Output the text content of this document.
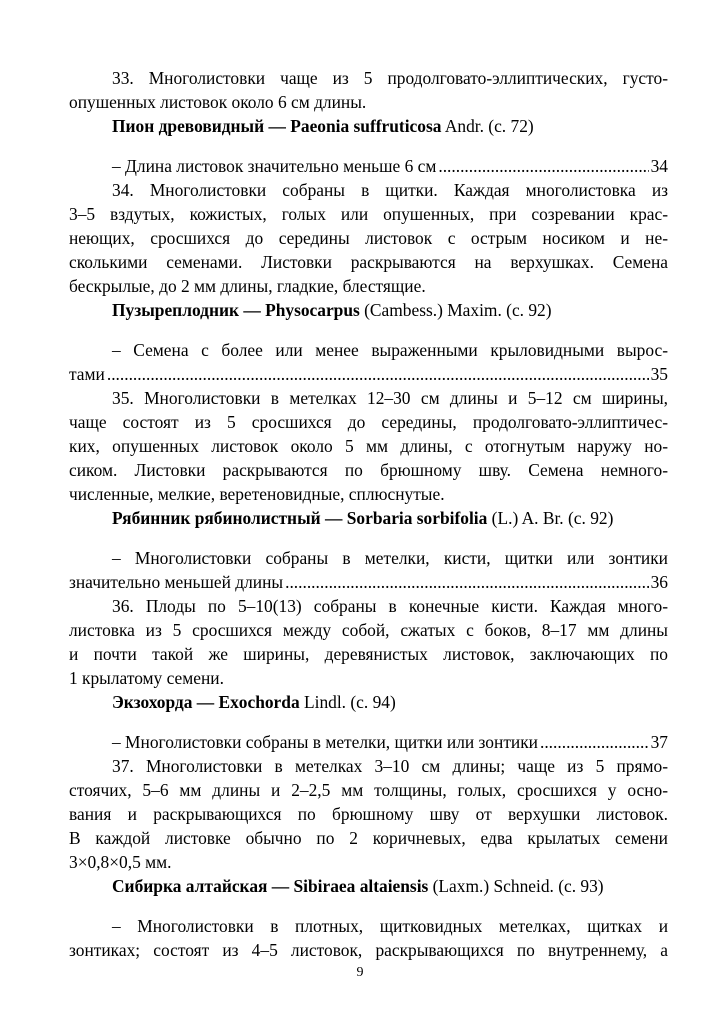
33. Многолистовки чаще из 5 продолговато-эллиптических, густо-
опушенных листовок около 6 см длины.
Пион древовидный — Paeonia suffruticosa Andr. (с. 72)
– Длина листовок значительно меньше 6 см .....	34
34. Многолистовки собраны в щитки. Каждая многолистовка из
3–5 вздутых, кожистых, голых или опушенных, при созревании крас-
неющих, сросшихся до середины листовок с острым носиком и не-
сколькими семенами. Листовки раскрываются на верхушках. Семена
бескрылые, до 2 мм длины, гладкие, блестящие.
Пузыреплодник — Physocarpus (Cambess.) Maxim. (с. 92)
– Семена с более или менее выраженными крыловидными вырос-
тами .....	35
35. Многолистовки в метелках 12–30 см длины и 5–12 см ширины,
чаще состоят из 5 сросшихся до середины, продолговато-эллиптичес-
ких, опушенных листовок около 5 мм длины, с отогнутым наружу но-
сиком. Листовки раскрываются по брюшному шву. Семена немного-
численные, мелкие, веретеновидные, сплюснутые.
Рябинник рябинолистный — Sorbaria sorbifolia (L.) A. Br. (с. 92)
– Многолистовки собраны в метелки, кисти, щитки или зонтики
значительно меньшей длины .....	36
36. Плоды по 5–10(13) собраны в конечные кисти. Каждая много-
листовка из 5 сросшихся между собой, сжатых с боков, 8–17 мм длины
и почти такой же ширины, деревянистых листовок, заключающих по
1 крылатому семени.
Экзохорда — Exochorda Lindl. (с. 94)
– Многолистовки собраны в метелки, щитки или зонтики .....	37
37. Многолистовки в метелках 3–10 см длины; чаще из 5 прямо-
стоячих, 5–6 мм длины и 2–2,5 мм толщины, голых, сросшихся у осно-
вания и раскрывающихся по брюшному шву от верхушки листовок.
В каждой листовке обычно по 2 коричневых, едва крылатых семени
3×0,8×0,5 мм.
Сибирка алтайская — Sibiraea altaiensis (Laxm.) Schneid. (с. 93)
– Многолистовки в плотных, щитковидных метелках, щитках и
зонтиках; состоят из 4–5 листовок, раскрывающихся по внутреннему, а
9
